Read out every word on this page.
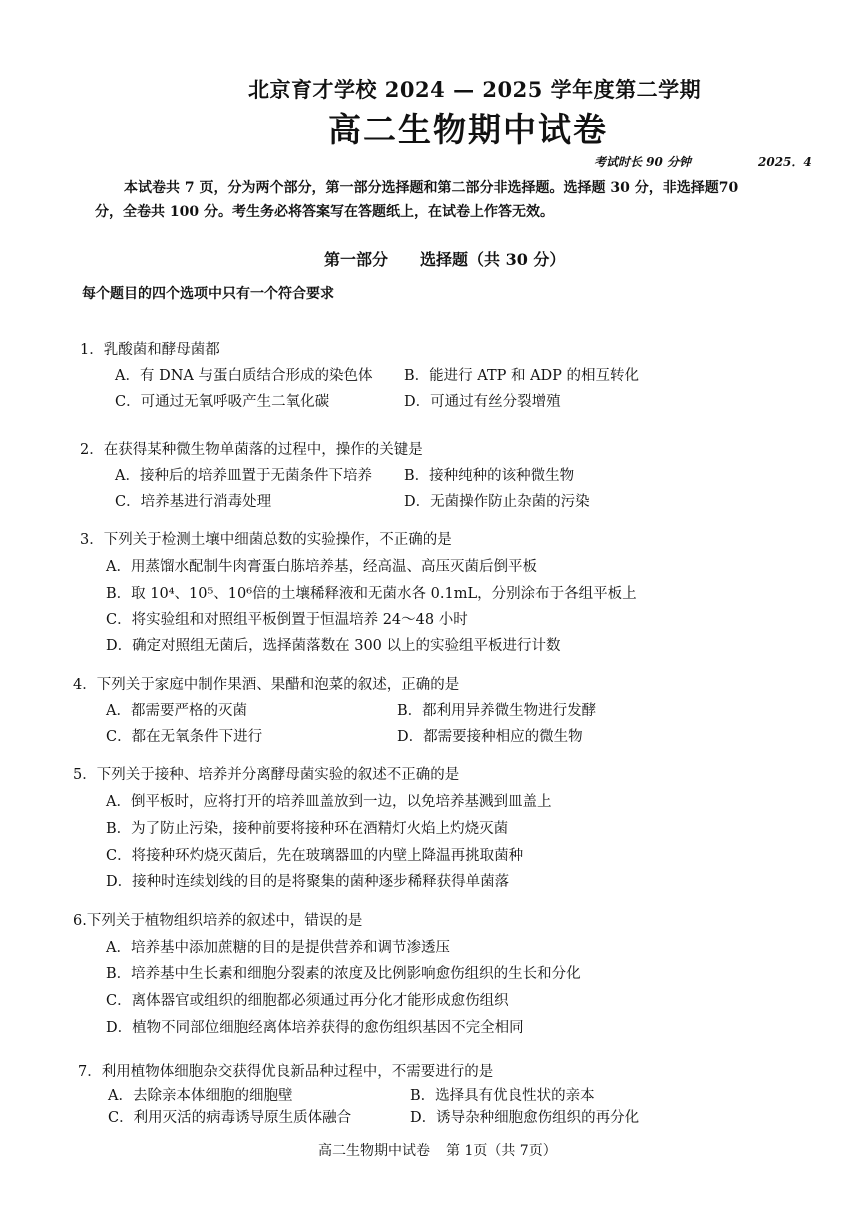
北京育才学校 2024 — 2025 学年度第二学期
高二生物期中试卷
考试时长 90 分钟	2025．4
本试卷共 7 页，分为两个部分，第一部分选择题和第二部分非选择题。选择题 30 分，非选择题70
分，全卷共 100 分。考生务必将答案写在答题纸上，在试卷上作答无效。
第一部分 选择题（共 30 分）
每个题目的四个选项中只有一个符合要求
1．乳酸菌和酵母菌都
A．有 DNA 与蛋白质结合形成的染色体 B．能进行 ATP 和 ADP 的相互转化
C．可通过无氧呼吸产生二氧化碳	D．可通过有丝分裂增殖
2．在获得某种微生物单菌落的过程中，操作的关键是
A．接种后的培养皿置于无菌条件下培养 B．接种纯种的该种微生物
C．培养基进行消毒处理	D．无菌操作防止杂菌的污染
3．下列关于检测土壤中细菌总数的实验操作，不正确的是
A．用蒸馏水配制牛肉膏蛋白胨培养基，经高温、高压灭菌后倒平板
B．取 10⁴、10⁵、10⁶倍的土壤稀释液和无菌水各 0.1mL，分别涂布于各组平板上
C．将实验组和对照组平板倒置于恒温培养 24～48 小时
D．确定对照组无菌后，选择菌落数在 300 以上的实验组平板进行计数
4．下列关于家庭中制作果酒、果醋和泡菜的叙述，正确的是
A．都需要严格的灭菌	B．都利用异养微生物进行发酵
C．都在无氧条件下进行	D．都需要接种相应的微生物
5．下列关于接种、培养并分离酵母菌实验的叙述不正确的是
A．倒平板时，应将打开的培养皿盖放到一边，以免培养基溅到皿盖上
B．为了防止污染，接种前要将接种环在酒精灯火焰上灼烧灭菌
C．将接种环灼烧灭菌后，先在玻璃器皿的内壁上降温再挑取菌种
D．接种时连续划线的目的是将聚集的菌种逐步稀释获得单菌落
6.下列关于植物组织培养的叙述中，错误的是
A．培养基中添加蔗糖的目的是提供营养和调节渗透压
B．培养基中生长素和细胞分裂素的浓度及比例影响愈伤组织的生长和分化
C．离体器官或组织的细胞都必须通过再分化才能形成愈伤组织
D．植物不同部位细胞经离体培养获得的愈伤组织基因不完全相同
7．利用植物体细胞杂交获得优良新品种过程中，不需要进行的是
A．去除亲本体细胞的细胞壁	B．选择具有优良性状的亲本
C．利用灭活的病毒诱导原生质体融合	D．诱导杂种细胞愈伤组织的再分化
高二生物期中试卷 第 1页（共 7页）
